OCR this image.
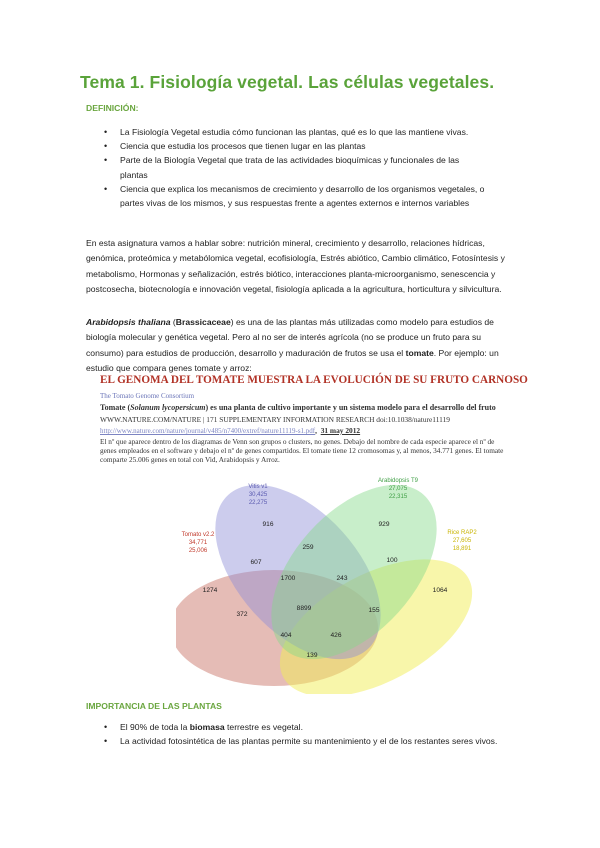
Tema 1. Fisiología vegetal. Las células vegetales.
DEFINICIÓN:
• La Fisiología Vegetal estudia cómo funcionan las plantas, qué es lo que las mantiene vivas.
• Ciencia que estudia los procesos que tienen lugar en las plantas
• Parte de la Biología Vegetal que trata de las actividades bioquímicas y funcionales de las plantas
• Ciencia que explica los mecanismos de crecimiento y desarrollo de los organismos vegetales, o partes vivas de los mismos, y sus respuestas frente a agentes externos e internos variables

En esta asignatura vamos a hablar sobre: nutrición mineral, crecimiento y desarrollo, relaciones hídricas, genómica, proteómica y metabólomica vegetal, ecofisiología, Estrés abiótico, Cambio climático, Fotosíntesis y metabolismo, Hormonas y señalización, estrés biótico, interacciones planta-microorganismo, senescencia y postcosecha, biotecnología e innovación vegetal, fisiología aplicada a la agricultura, horticultura y silvicultura.

Arabidopsis thaliana (Brassicaceae) es una de las plantas más utilizadas como modelo para estudios de biología molecular y genética vegetal. Pero al no ser de interés agrícola (no se produce un fruto para su consumo) para estudios de producción, desarrollo y maduración de frutos se usa el tomate. Por ejemplo: un estudio que compara genes tomate y arroz:

EL GENOMA DEL TOMATE MUESTRA LA EVOLUCIÓN DE SU FRUTO CARNOSO
The Tomato Genome Consortium
Tomate (Solanum lycopersicum) es una planta de cultivo importante y un sistema modelo para el desarrollo del fruto
WWW.NATURE.COM/NATURE | 171 SUPPLEMENTARY INFORMATION RESEARCH doi:10.1038/nature11119
http://www.nature.com/nature/journal/v485/n7400/extref/nature11119-s1.pdf,  31 may 2012
El nº que aparece dentro de los diagramas de Venn son grupos o clusters, no genes. Debajo del nombre de cada especie aparece el nº de genes empleados en el software y debajo el nº de genes compartidos. El tomate tiene 12 cromosomas y, al menos, 34.771 genes. El tomate comparte 25.006 genes en total con Vid, Arabidopsis y Arroz.
Vitis v1
30,425
22,275
Arabidopsis T9
27,075
22,315
Tomato v2.2
34,771
25,006
Rice RAP2
27,605
18,891
916	929
259
100
607
1274
1700	243
1064
8899
372
155
404	426
139
IMPORTANCIA DE LAS PLANTAS
• El 90% de toda la biomasa terrestre es vegetal.
• La actividad fotosintética de las plantas permite su mantenimiento y el de los restantes seres vivos.
